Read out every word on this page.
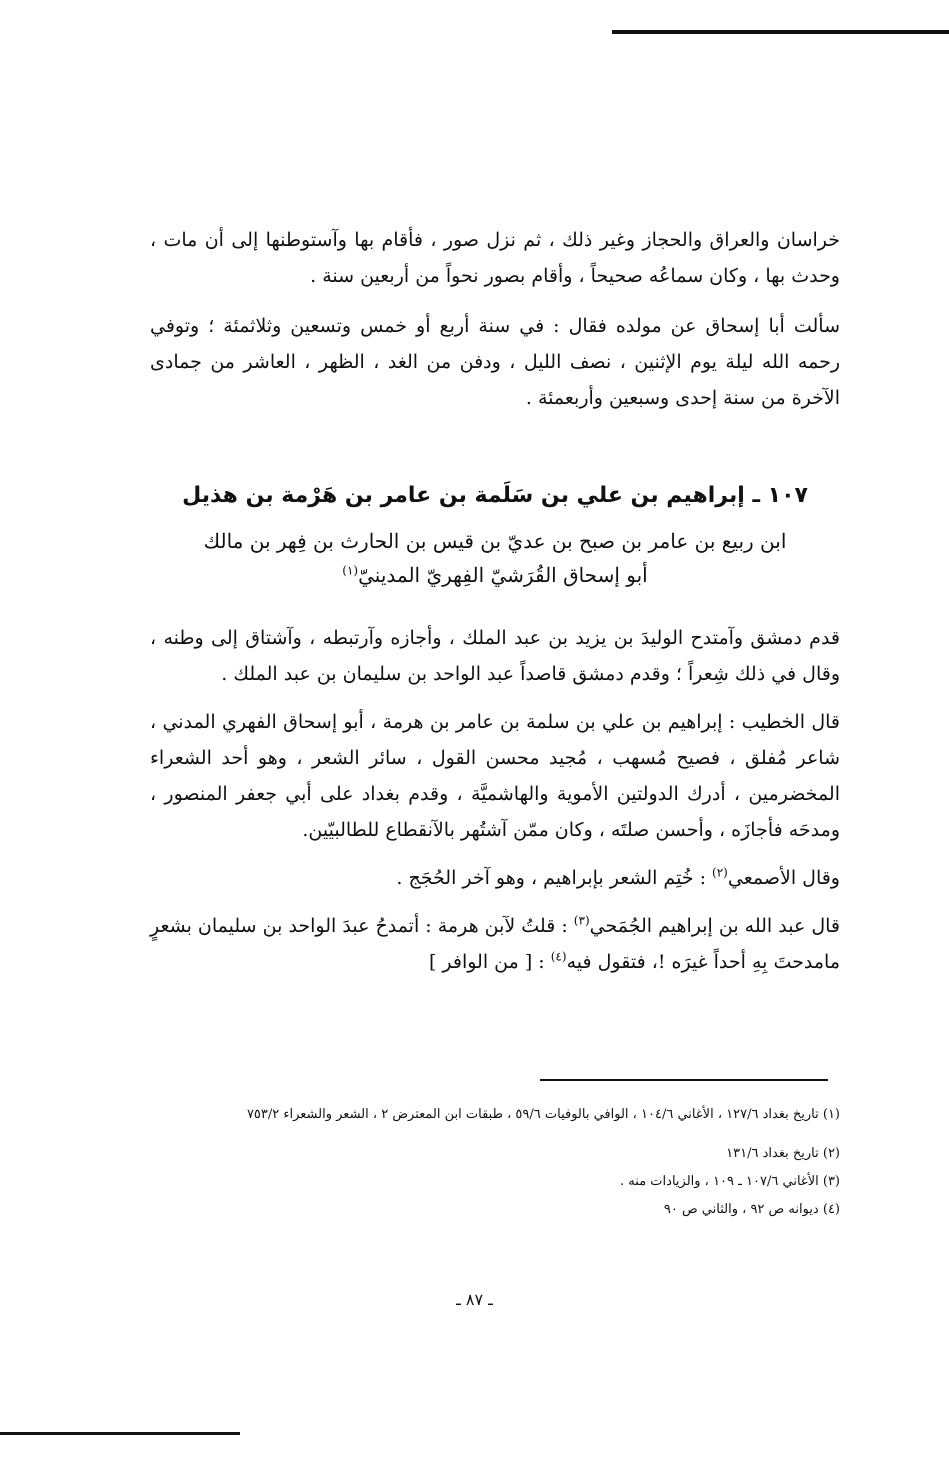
خراسان والعراق والحجاز وغير ذلك ، ثم نزل صور ، فأقام بها وآستوطنها إلى أن مات ، وحدث بها ، وكان سماعُه صحيحاً ، وأقام بصور نحواً من أربعين سنة .

سألت أبا إسحاق عن مولده فقال : في سنة أربع أو خمس وتسعين وثلاثمئة ؛ وتوفي رحمه الله ليلة يوم الإثنين ، نصف الليل ، ودفن من الغد ، الظهر ، العاشر من جمادى الآخرة من سنة إحدى وسبعين وأربعمئة .

١٠٧ ـ إبراهيم بن علي بن سَلَمة بن عامر بن هَرْمة بن هذيل

ابن ربيع بن عامر بن صبح بن عديّ بن قيس بن الحارث بن فِهر بن مالك

أبو إسحاق القُرَشيّ الفِهريّ المدينيّ$^{(١)}$

قدم دمشق وآمتدح الوليدَ بن يزيد بن عبد الملك ، وأجازه وآرتبطه ، وآشتاق إلى وطنه ، وقال في ذلك شِعراً ؛ وقدم دمشق قاصداً عبد الواحد بن سليمان بن عبد الملك .

قال الخطيب : إبراهيم بن علي بن سلمة بن عامر بن هرمة ، أبو إسحاق الفهري المدني ، شاعر مُفلق ، فصيح مُسهب ، مُجيد محسن القول ، سائر الشعر ، وهو أحد الشعراء المخضرمين ، أدرك الدولتين الأموية والهاشميَّة ، وقدم بغداد على أبي جعفر المنصور ، ومدحَه فأجازَه ، وأحسن صلتَه ، وكان ممّن آشتُهر بالآنقطاع للطالبيّين.

وقال الأصمعي$^{(٢)}$ : خُتِم الشعر بإبراهيم ، وهو آخر الحُجَج .

قال عبد الله بن إبراهيم الجُمَحي$^{(٣)}$ : قلتُ لآبن هرمة : أتمدحُ عبدَ الواحد بن سليمان بشعرٍ مامدحتَ بِهِ أحداً غيرَه !، فتقول فيه$^{(٤)}$ : [ من الوافر ]

(١) تاريخ بغداد ١٢٧/٦ ، الأغاني ١٠٤/٦ ، الوافي بالوفيات ٥٩/٦ ، طبقات ابن المعترض ٢ ، الشعر والشعراء ٧٥٣/٢

(٢) تاريخ بغداد ١٣١/٦

(٣) الأغاني ١٠٧/٦ ـ ١٠٩ ، والزيادات منه .

(٤) ديوانه ص ٩٢ ، والثاني ص ٩٠

ـ ٨٧ ـ
